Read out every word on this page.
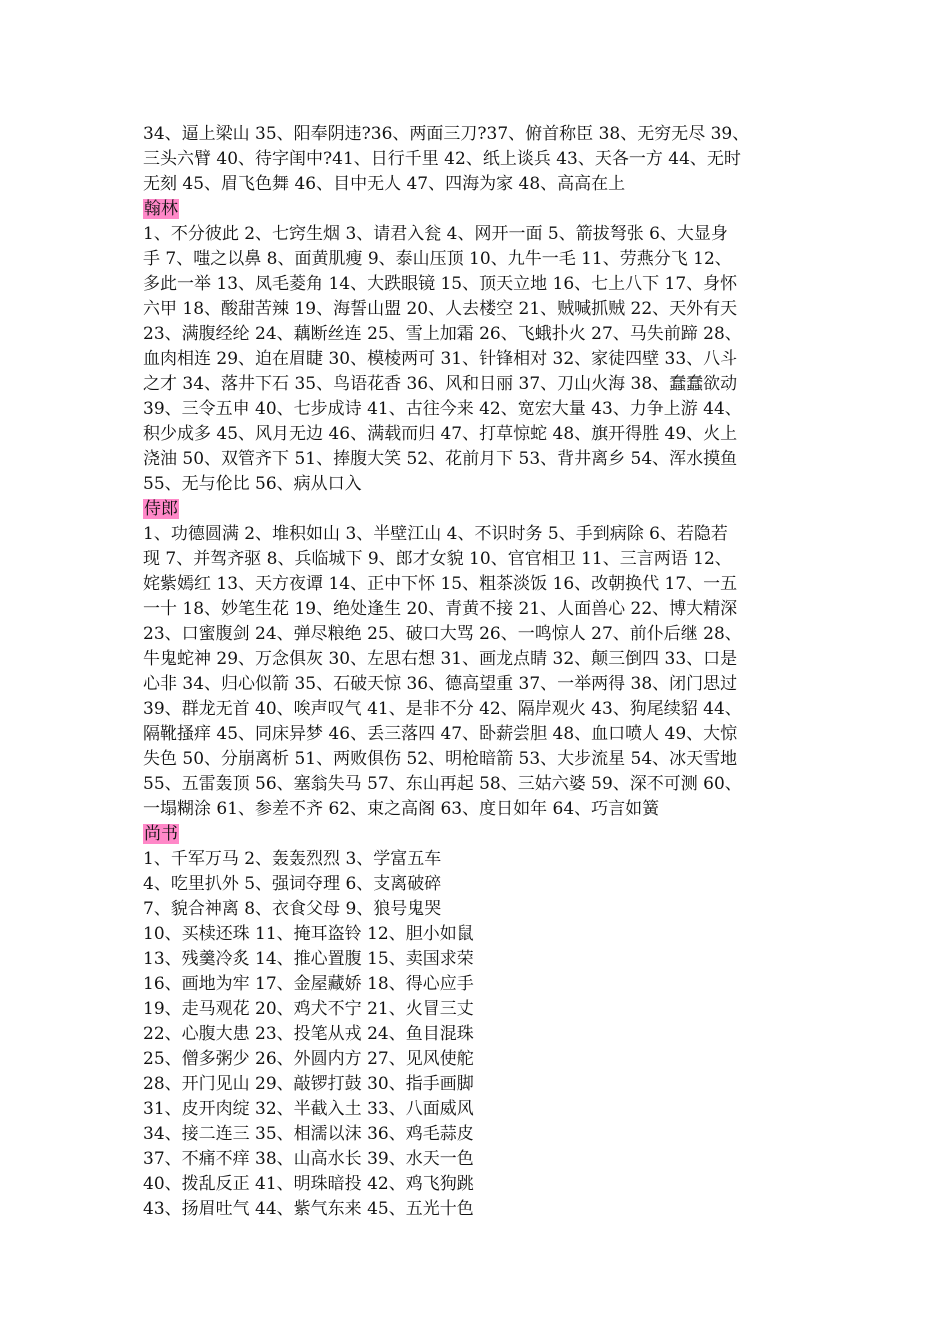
34、逼上梁山 35、阳奉阴违?36、两面三刀?37、俯首称臣 38、无穷无尽 39、
三头六臂 40、待字闺中?41、日行千里 42、纸上谈兵 43、天各一方 44、无时
无刻 45、眉飞色舞 46、目中无人 47、四海为家 48、高高在上
翰林
1、不分彼此 2、七窍生烟 3、请君入瓮 4、网开一面 5、箭拔弩张 6、大显身
手 7、嗤之以鼻 8、面黄肌瘦 9、泰山压顶 10、九牛一毛 11、劳燕分飞 12、
多此一举 13、凤毛菱角 14、大跌眼镜 15、顶天立地 16、七上八下 17、身怀
六甲 18、酸甜苦辣 19、海誓山盟 20、人去楼空 21、贼喊抓贼 22、天外有天
23、满腹经纶 24、藕断丝连 25、雪上加霜 26、飞蛾扑火 27、马失前蹄 28、
血肉相连 29、迫在眉睫 30、模棱两可 31、针锋相对 32、家徒四壁 33、八斗
之才 34、落井下石 35、鸟语花香 36、风和日丽 37、刀山火海 38、蠢蠢欲动
39、三令五申 40、七步成诗 41、古往今来 42、宽宏大量 43、力争上游 44、
积少成多 45、风月无边 46、满载而归 47、打草惊蛇 48、旗开得胜 49、火上
浇油 50、双管齐下 51、捧腹大笑 52、花前月下 53、背井离乡 54、浑水摸鱼
55、无与伦比 56、病从口入
侍郎
1、功德圆满 2、堆积如山 3、半壁江山 4、不识时务 5、手到病除 6、若隐若
现 7、并驾齐驱 8、兵临城下 9、郎才女貌 10、官官相卫 11、三言两语 12、
姹紫嫣红 13、天方夜谭 14、正中下怀 15、粗茶淡饭 16、改朝换代 17、一五
一十 18、妙笔生花 19、绝处逢生 20、青黄不接 21、人面兽心 22、博大精深
23、口蜜腹剑 24、弹尽粮绝 25、破口大骂 26、一鸣惊人 27、前仆后继 28、
牛鬼蛇神 29、万念俱灰 30、左思右想 31、画龙点睛 32、颠三倒四 33、口是
心非 34、归心似箭 35、石破天惊 36、德高望重 37、一举两得 38、闭门思过
39、群龙无首 40、唉声叹气 41、是非不分 42、隔岸观火 43、狗尾续貂 44、
隔靴搔痒 45、同床异梦 46、丢三落四 47、卧薪尝胆 48、血口喷人 49、大惊
失色 50、分崩离析 51、两败俱伤 52、明枪暗箭 53、大步流星 54、冰天雪地
55、五雷轰顶 56、塞翁失马 57、东山再起 58、三姑六婆 59、深不可测 60、
一塌糊涂 61、参差不齐 62、束之高阁 63、度日如年 64、巧言如簧
尚书
1、千军万马 2、轰轰烈烈 3、学富五车
4、吃里扒外 5、强词夺理 6、支离破碎
7、貌合神离 8、衣食父母 9、狼号鬼哭
10、买椟还珠 11、掩耳盗铃 12、胆小如鼠
13、残羹冷炙 14、推心置腹 15、卖国求荣
16、画地为牢 17、金屋藏娇 18、得心应手
19、走马观花 20、鸡犬不宁 21、火冒三丈
22、心腹大患 23、投笔从戎 24、鱼目混珠
25、僧多粥少 26、外圆内方 27、见风使舵
28、开门见山 29、敲锣打鼓 30、指手画脚
31、皮开肉绽 32、半截入土 33、八面威风
34、接二连三 35、相濡以沫 36、鸡毛蒜皮
37、不痛不痒 38、山高水长 39、水天一色
40、拨乱反正 41、明珠暗投 42、鸡飞狗跳
43、扬眉吐气 44、紫气东来 45、五光十色
